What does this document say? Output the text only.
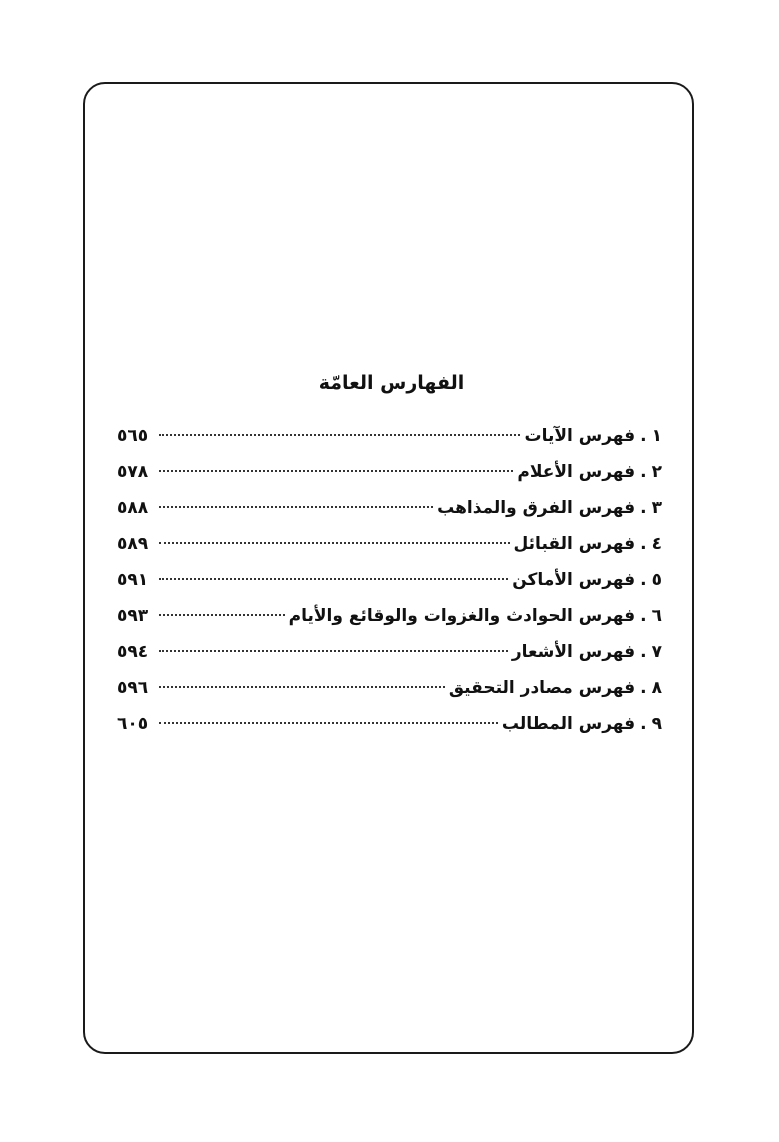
الفهارس العامّة
١
.
فهرس الآيات
٥٦٥
٢
.
فهرس الأعلام
٥٧٨
٣
.
فهرس الفرق والمذاهب
٥٨٨
٤
.
فهرس القبائل
٥٨٩
٥
.
فهرس الأماكن
٥٩١
٦
.
فهرس الحوادث والغزوات والوقائع والأيام
٥٩٣
٧
.
فهرس الأشعار
٥٩٤
٨
.
فهرس مصادر التحقيق
٥٩٦
٩
.
فهرس المطالب
٦٠٥
